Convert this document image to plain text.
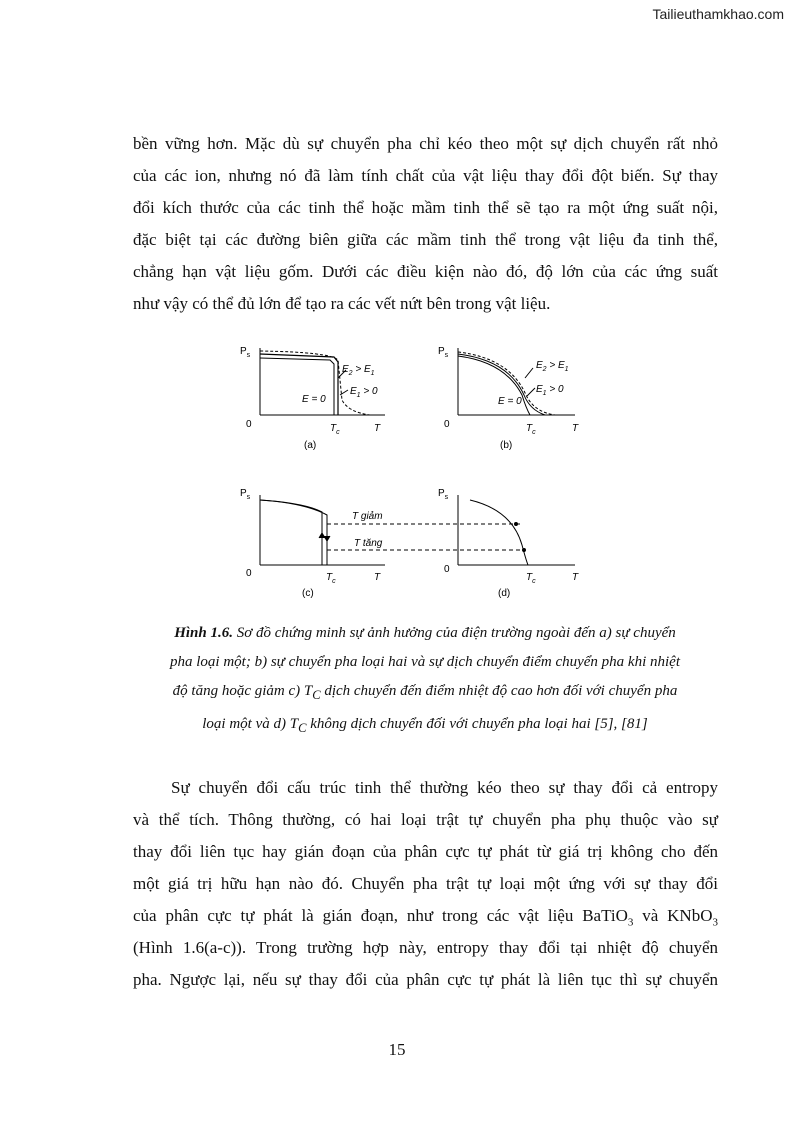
Tailieuthamkhao.com
bền vững hơn. Mặc dù sự chuyển pha chỉ kéo theo một sự dịch chuyển rất nhỏ
của các ion, nhưng nó đã làm tính chất của vật liệu thay đổi đột biến. Sự thay
đổi kích thước của các tinh thể hoặc mầm tinh thể sẽ tạo ra một ứng suất nội,
đặc biệt tại các đường biên giữa các mầm tinh thể trong vật liệu đa tinh thể,
chẳng hạn vật liệu gốm. Dưới các điều kiện nào đó, độ lớn của các ứng suất
như vậy có thể đủ lớn để tạo ra các vết nứt bên trong vật liệu.
$P_s$
0	$T_c$	T
(a)
$E_2 > E_1$
$E_1 > 0$
E = 0
$P_s$
0	$T_c$	T
(b)
$E_2 > E_1$
$E_1 > 0$
E = 0
$P_s$
0	$T_c$	T
(c)
T giảm
T tăng
$P_s$
0
$T_c$	T
(d)
Hình 1.6. Sơ đồ chứng minh sự ảnh hưởng của điện trường ngoài đến a) sự chuyển
pha loại một; b) sự chuyển pha loại hai và sự dịch chuyển điểm chuyển pha khi nhiệt
độ tăng hoặc giảm c) $T_C$ dịch chuyển đến điểm nhiệt độ cao hơn đối với chuyển pha
loại một và d) $T_C$ không dịch chuyển đối với chuyển pha loại hai [5], [81]
Sự chuyển đổi cấu trúc tinh thể thường kéo theo sự thay đổi cả entropy
và thể tích. Thông thường, có hai loại trật tự chuyển pha phụ thuộc vào sự
thay đổi liên tục hay gián đoạn của phân cực tự phát từ giá trị không cho đến
một giá trị hữu hạn nào đó. Chuyển pha trật tự loại một ứng với sự thay đổi
của phân cực tự phát là gián đoạn, như trong các vật liệu BaTiO$_3$ và KNbO$_3$
(Hình 1.6(a-c)). Trong trường hợp này, entropy thay đổi tại nhiệt độ chuyển
pha. Ngược lại, nếu sự thay đổi của phân cực tự phát là liên tục thì sự chuyển
15
